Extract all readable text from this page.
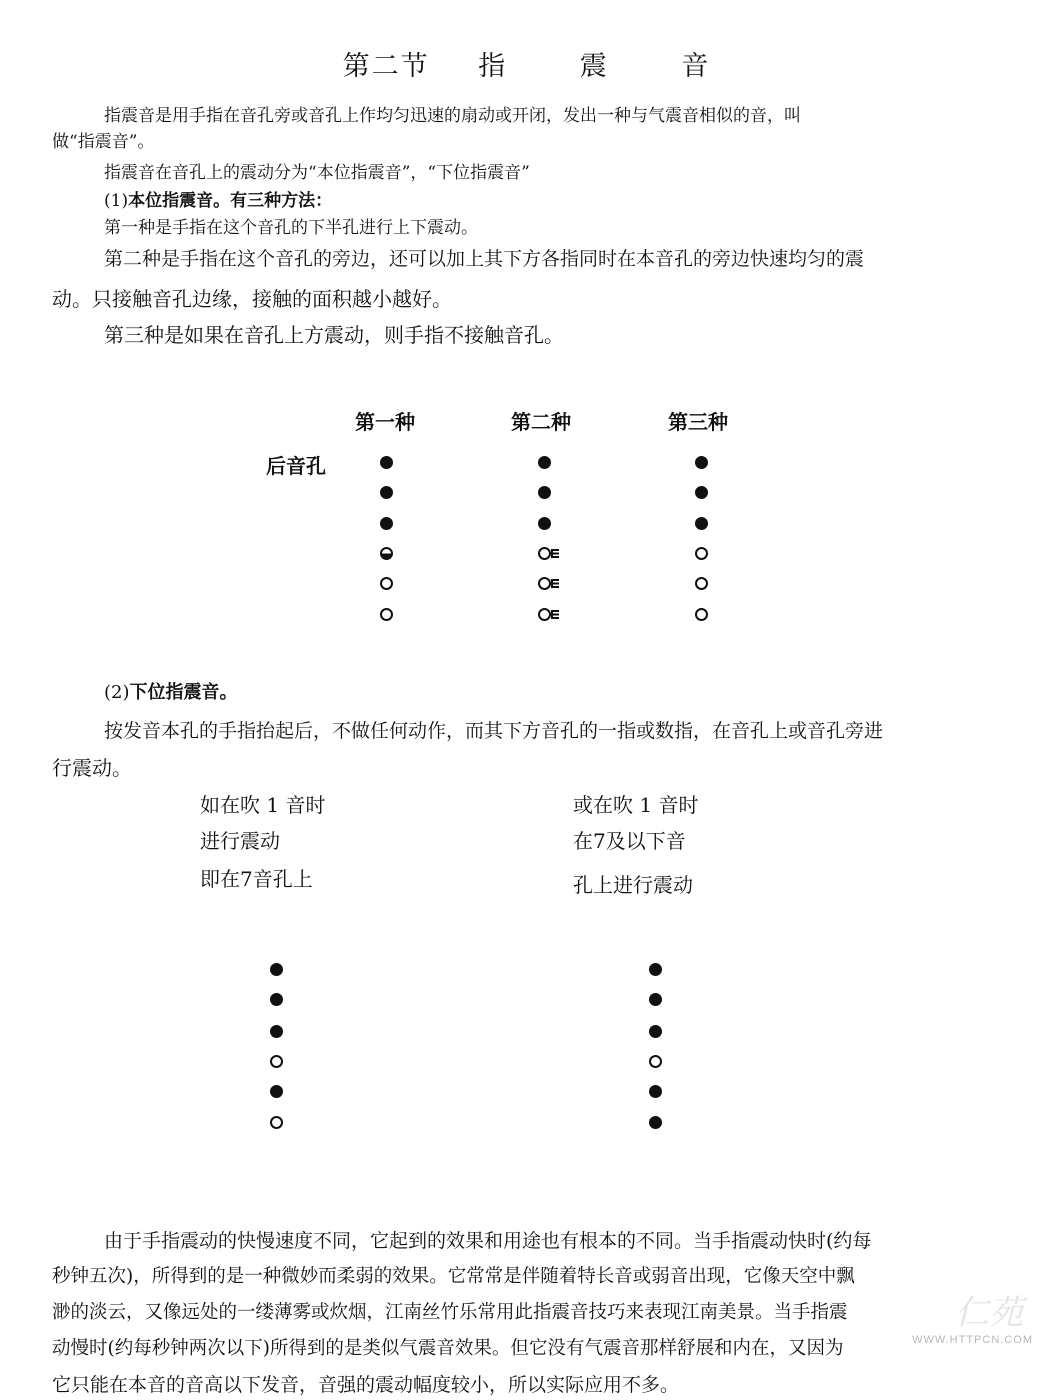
第二节 指	震	音
指震音是用手指在音孔旁或音孔上作均匀迅速的扇动或开闭，发出一种与气震音相似的音，叫
做“指震音”。
指震音在音孔上的震动分为“本位指震音”，“下位指震音”
(1)本位指震音。有三种方法：
第一种是手指在这个音孔的下半孔进行上下震动。
第二种是手指在这个音孔的旁边，还可以加上其下方各指同时在本音孔的旁边快速均匀的震
动。只接触音孔边缘，接触的面积越小越好。
第三种是如果在音孔上方震动，则手指不接触音孔。
第一种	第二种	第三种
后音孔
(2)下位指震音。
按发音本孔的手指抬起后，不做任何动作，而其下方音孔的一指或数指，在音孔上或音孔旁进
行震动。
如在吹 1 音时
进行震动
即在7音孔上
或在吹 1 音时
在7及以下音
孔上进行震动
由于手指震动的快慢速度不同，它起到的效果和用途也有根本的不同。当手指震动快时(约每
秒钟五次)，所得到的是一种微妙而柔弱的效果。它常常是伴随着特长音或弱音出现，它像天空中飘
渺的淡云，又像远处的一缕薄雾或炊烟，江南丝竹乐常用此指震音技巧来表现江南美景。当手指震
动慢时(约每秒钟两次以下)所得到的是类似气震音效果。但它没有气震音那样舒展和内在，又因为
它只能在本音的音高以下发音，音强的震动幅度较小，所以实际应用不多。
仁苑
WWW.HTTPCN.COM
